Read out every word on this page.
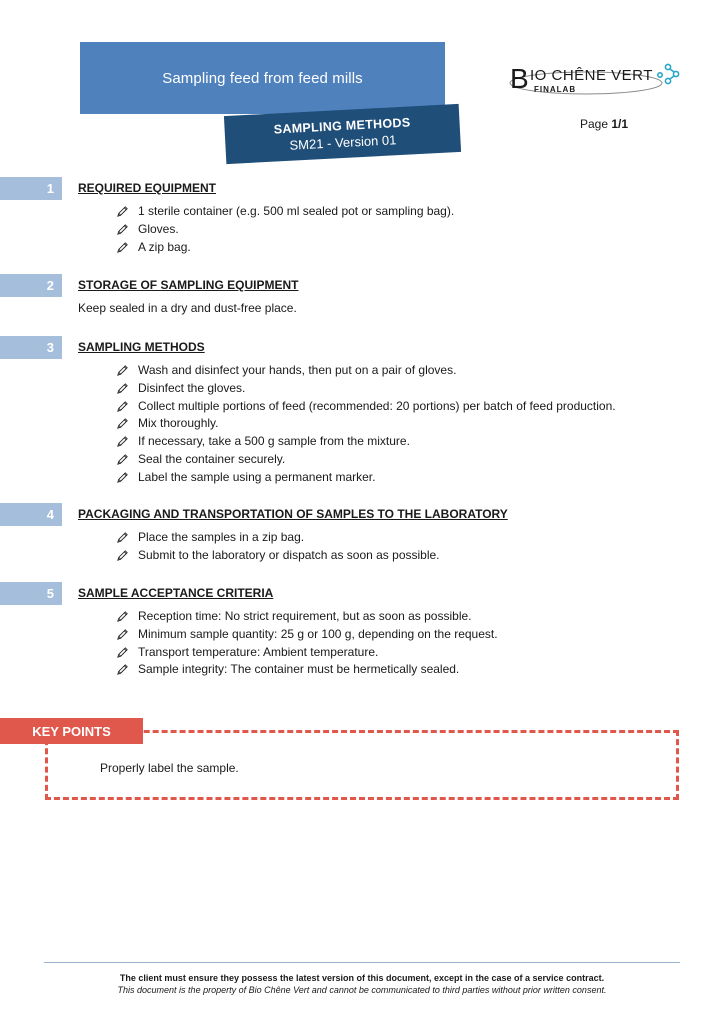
Sampling feed from feed mills
SAMPLING METHODS
SM21 - Version 01
B IO CHÊNE VERT
FINALAB
Page 1/1
1	REQUIRED EQUIPMENT
1 sterile container (e.g. 500 ml sealed pot or sampling bag).
Gloves.
A zip bag.
2	STORAGE OF SAMPLING EQUIPMENT
Keep sealed in a dry and dust-free place.
3	SAMPLING METHODS
Wash and disinfect your hands, then put on a pair of gloves.
Disinfect the gloves.
Collect multiple portions of feed (recommended: 20 portions) per batch of feed production.
Mix thoroughly.
If necessary, take a 500 g sample from the mixture.
Seal the container securely.
Label the sample using a permanent marker.
4	PACKAGING AND TRANSPORTATION OF SAMPLES TO THE LABORATORY
Place the samples in a zip bag.
Submit to the laboratory or dispatch as soon as possible.
5	SAMPLE ACCEPTANCE CRITERIA
Reception time: No strict requirement, but as soon as possible.
Minimum sample quantity: 25 g or 100 g, depending on the request.
Transport temperature: Ambient temperature.
Sample integrity: The container must be hermetically sealed.
KEY POINTS
Properly label the sample.
The client must ensure they possess the latest version of this document, except in the case of a service contract.
This document is the property of Bio Chêne Vert and cannot be communicated to third parties without prior written consent.
